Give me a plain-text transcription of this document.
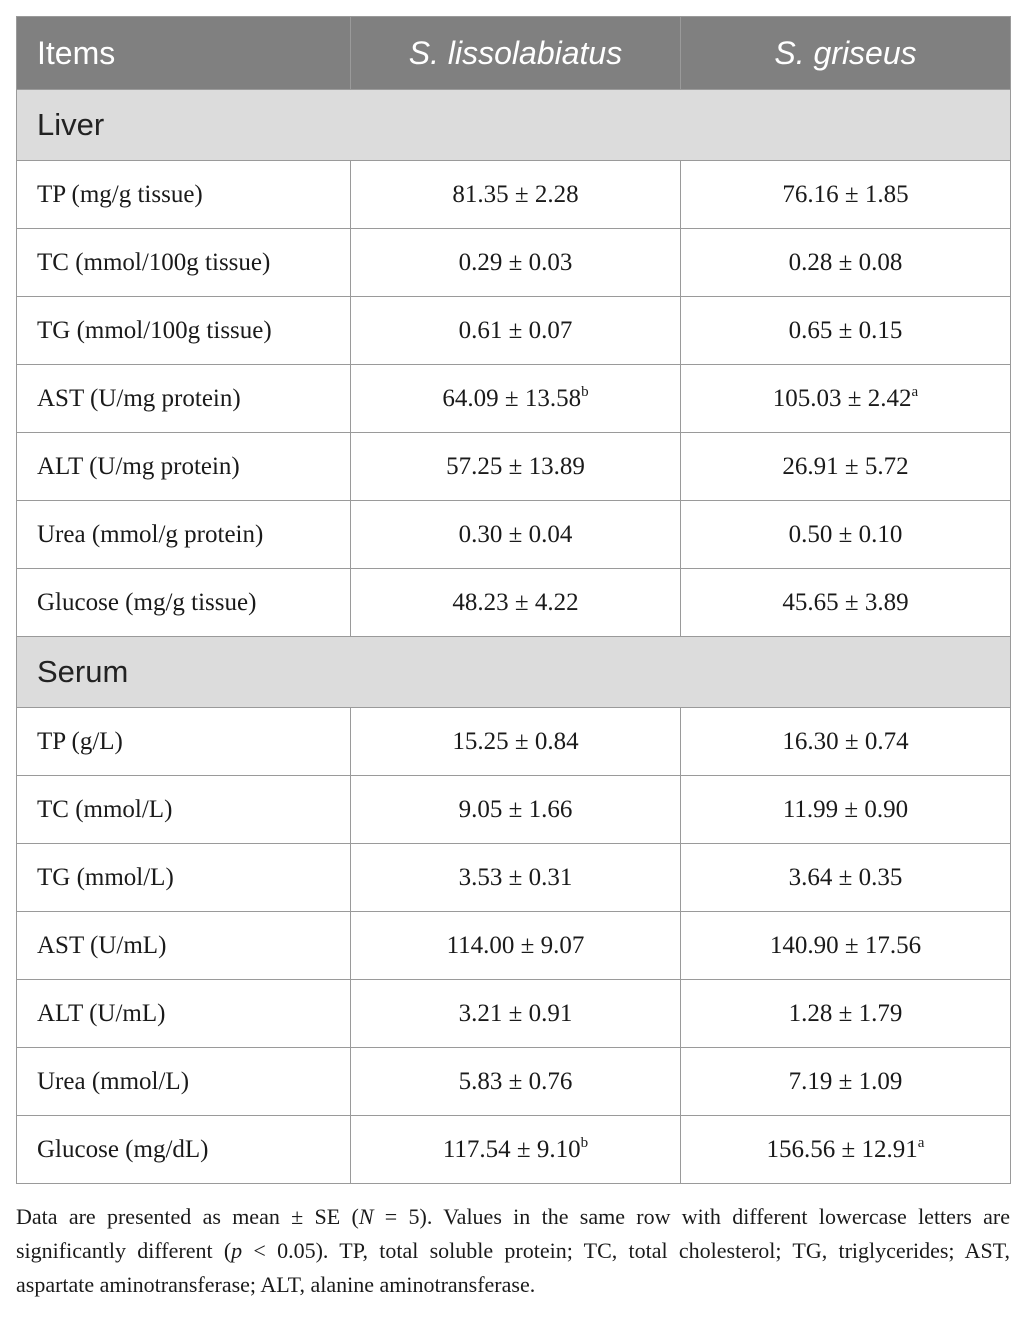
Items	S. lissolabiatus	S. griseus
Liver		
TP (mg/g tissue)	81.35 ± 2.28	76.16 ± 1.85
TC (mmol/100g tissue)	0.29 ± 0.03	0.28 ± 0.08
TG (mmol/100g tissue)	0.61 ± 0.07	0.65 ± 0.15
AST (U/mg protein)	64.09 ± 13.58$^b$	105.03 ± 2.42$^a$
ALT (U/mg protein)	57.25 ± 13.89	26.91 ± 5.72
Urea (mmol/g protein)	0.30 ± 0.04	0.50 ± 0.10
Glucose (mg/g tissue)	48.23 ± 4.22	45.65 ± 3.89
Serum		
TP (g/L)	15.25 ± 0.84	16.30 ± 0.74
TC (mmol/L)	9.05 ± 1.66	11.99 ± 0.90
TG (mmol/L)	3.53 ± 0.31	3.64 ± 0.35
AST (U/mL)	114.00 ± 9.07	140.90 ± 17.56
ALT (U/mL)	3.21 ± 0.91	1.28 ± 1.79
Urea (mmol/L)	5.83 ± 0.76	7.19 ± 1.09
Glucose (mg/dL)	117.54 ± 9.10$^b$	156.56 ± 12.91$^a$
Data are presented as mean ± SE (N = 5). Values in the same row with different lowercase letters are significantly different (p < 0.05). TP, total soluble protein; TC, total cholesterol; TG, triglycerides; AST, aspartate aminotransferase; ALT, alanine aminotransferase.
